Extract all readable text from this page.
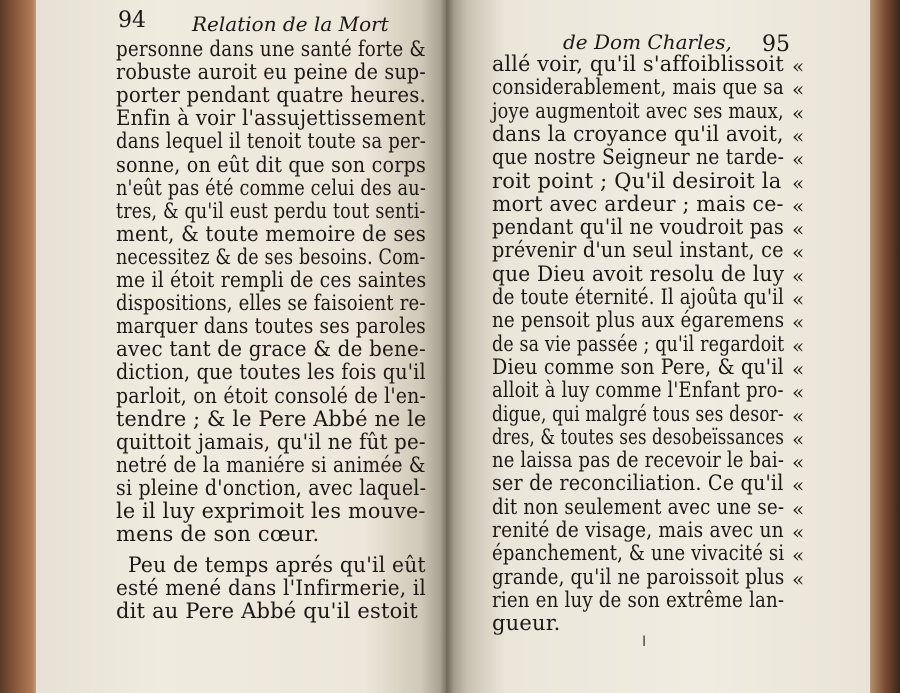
94 Relation de la Mort
personne dans une santé forte &
robuste auroit eu peine de sup-
porter pendant quatre heures.
Enfin à voir l'assujettissement
dans lequel il tenoit toute sa per-
sonne, on eût dit que son corps
n'eût pas été comme celui des au-
tres, & qu'il eust perdu tout senti-
ment, & toute memoire de ses
necessitez & de ses besoins. Com-
me il étoit rempli de ces saintes
dispositions, elles se faisoient re-
marquer dans toutes ses paroles
avec tant de grace & de bene-
diction, que toutes les fois qu'il
parloit, on étoit consolé de l'en-
tendre ; & le Pere Abbé ne le
quittoit jamais, qu'il ne fût pe-
netré de la maniére si animée &
si pleine d'onction, avec laquel-
le il luy exprimoit les mouve-
mens de son cœur.
Peu de temps aprés qu'il eût
esté mené dans l'Infirmerie, il
dit au Pere Abbé qu'il estoit
de Dom Charles, 95
allé voir, qu'il s'affoiblissoit
considerablement, mais que sa
joye augmentoit avec ses maux,
dans la croyance qu'il avoit,
que nostre Seigneur ne tarde-
roit point ; Qu'il desiroit la
mort avec ardeur ; mais ce-
pendant qu'il ne voudroit pas
prévenir d'un seul instant, ce
que Dieu avoit resolu de luy
de toute éternité. Il ajoûta qu'il
ne pensoit plus aux égaremens
de sa vie passée ; qu'il regardoit
Dieu comme son Pere, & qu'il
alloit à luy comme l'Enfant pro-
digue, qui malgré tous ses desor-
dres, & toutes ses desobeïssances
ne laissa pas de recevoir le bai-
ser de reconciliation. Ce qu'il
dit non seulement avec une se-
renité de visage, mais avec un
épanchement, & une vivacité si
grande, qu'il ne paroissoit plus
rien en luy de son extrême lan-
gueur.
«
«
«
«
«
«
«
«
«
«
«
«
«
«
«
«
«
«
«
«
«
«
«
ǀ
